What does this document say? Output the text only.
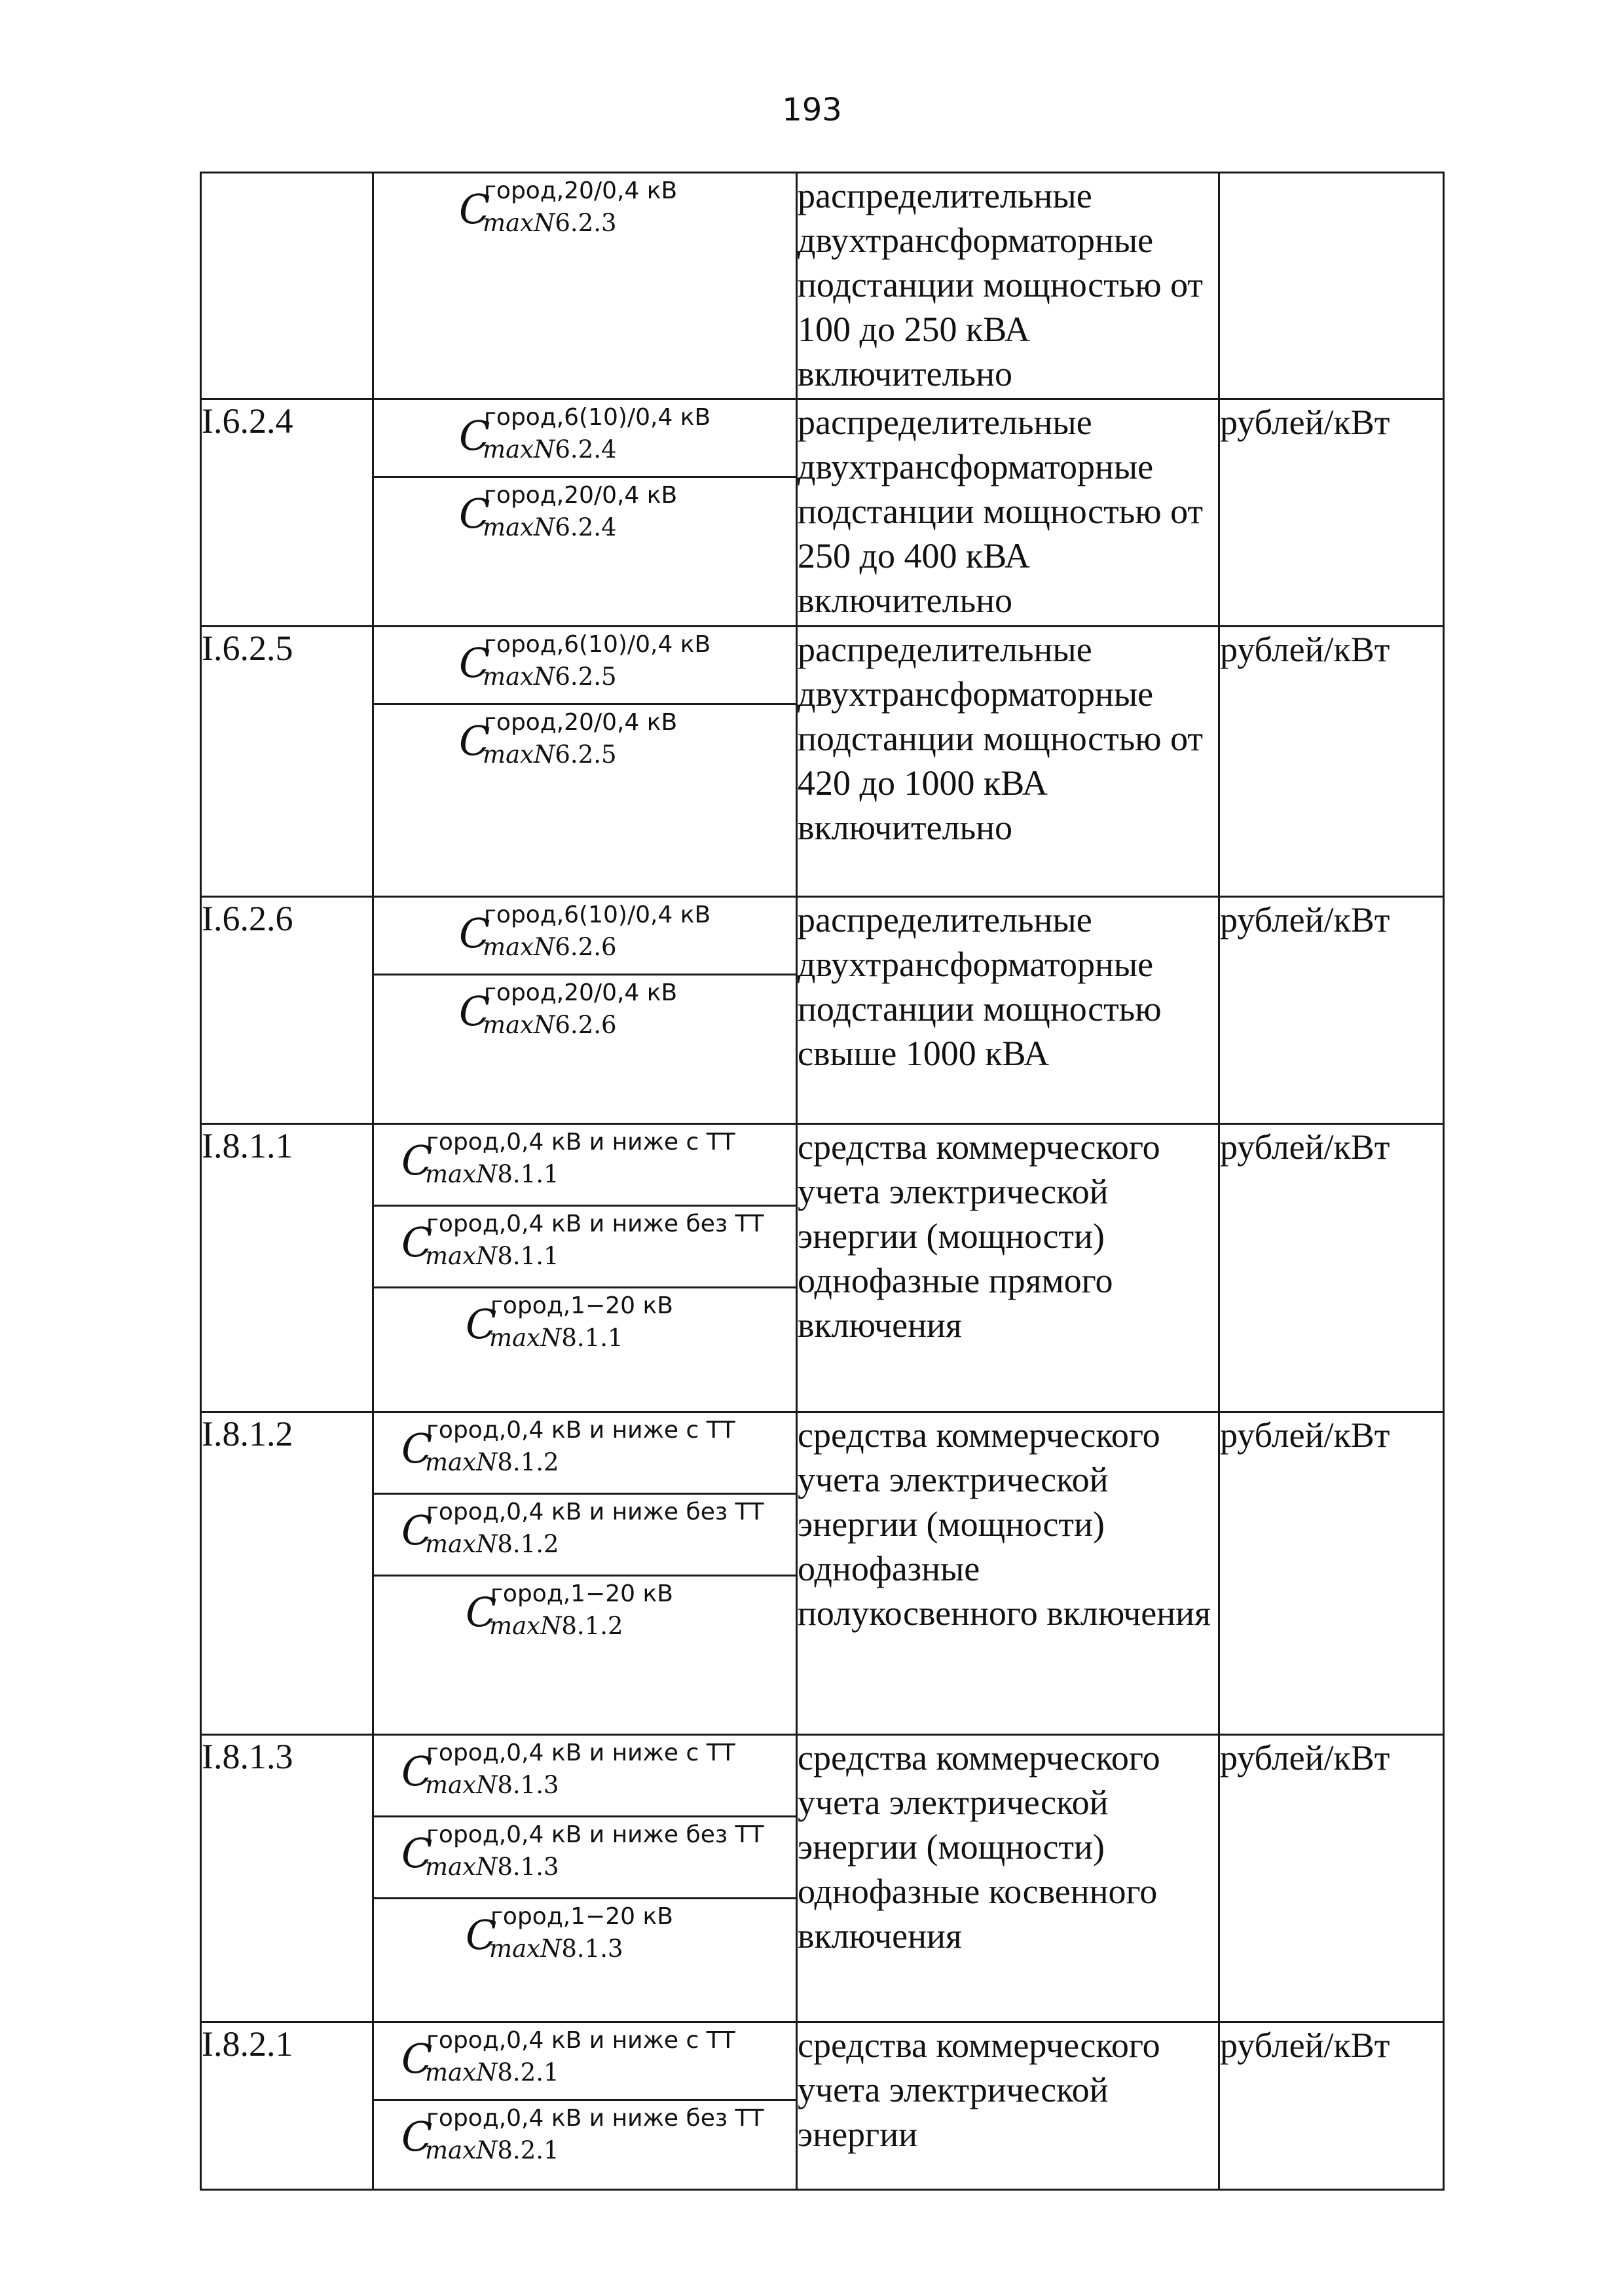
193

	C
город,20/0,4 кВ
maxN6.2.3	распределительные двухтрансформаторные подстанции мощностью от 100 до 250 кВА включительно	
I.6.2.4	C
город,6(10)/0,4 кВ
maxN6.2.4	распределительные двухтрансформаторные подстанции мощностью от 250 до 400 кВА включительно	рублей/кВт

	C
город,20/0,4 кВ
maxN6.2.4		

I.6.2.5	C
город,6(10)/0,4 кВ
maxN6.2.5	распределительные двухтрансформаторные подстанции мощностью от 420 до 1000 кВА включительно	рублей/кВт

	C
город,20/0,4 кВ
maxN6.2.5		

I.6.2.6	C
город,6(10)/0,4 кВ
maxN6.2.6	распределительные двухтрансформаторные подстанции мощностью свыше 1000 кВА	рублей/кВт

	C
город,20/0,4 кВ
maxN6.2.6		

I.8.1.1	C
город,0,4 кВ и ниже с ТТ
maxN8.1.1	средства коммерческого учета электрической энергии (мощности) однофазные прямого включения	рублей/кВт

	C
город,0,4 кВ и ниже без ТТ
maxN8.1.1		

	C
город,1−20 кВ
maxN8.1.1		

I.8.1.2	C
город,0,4 кВ и ниже с ТТ
maxN8.1.2	средства коммерческого учета электрической энергии (мощности) однофазные полукосвенного включения	рублей/кВт

	C
город,0,4 кВ и ниже без ТТ
maxN8.1.2		

	C
город,1−20 кВ
maxN8.1.2		

I.8.1.3	C
город,0,4 кВ и ниже с ТТ
maxN8.1.3	средства коммерческого учета электрической энергии (мощности) однофазные косвенного включения	рублей/кВт

	C
город,0,4 кВ и ниже без ТТ
maxN8.1.3		

	C
город,1−20 кВ
maxN8.1.3		

I.8.2.1	C
город,0,4 кВ и ниже с ТТ
maxN8.2.1	средства коммерческого учета электрической энергии	рублей/кВт

	C
город,0,4 кВ и ниже без ТТ
maxN8.2.1		
